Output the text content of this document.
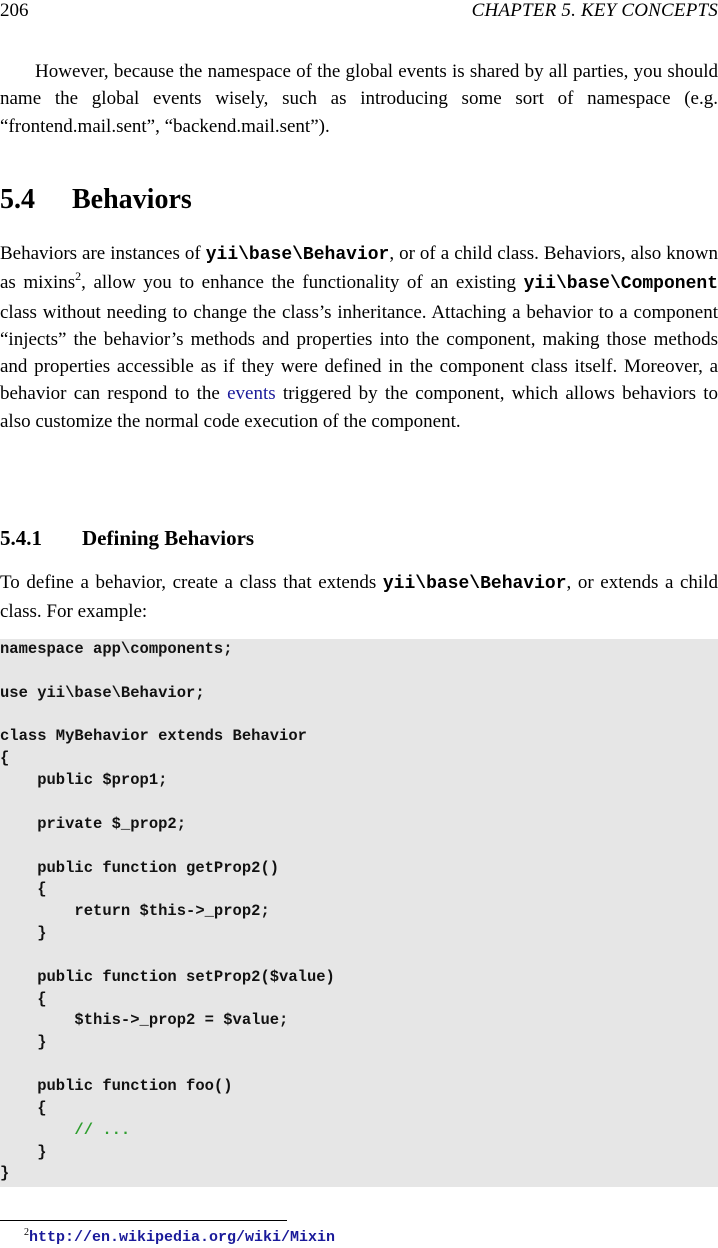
206	CHAPTER 5. KEY CONCEPTS

However, because the namespace of the global events is shared by all parties, you should name the global events wisely, such as introducing some sort of namespace (e.g. “frontend.mail.sent”, “backend.mail.sent”).

5.4 Behaviors

Behaviors are instances of yii\base\Behavior, or of a child class. Behaviors, also known as mixins$^2$, allow you to enhance the functionality of an existing yii\base\Component class without needing to change the class’s inheritance. Attaching a behavior to a component “injects” the behavior’s methods and properties into the component, making those methods and properties accessible as if they were defined in the component class itself. Moreover, a behavior can respond to the events triggered by the component, which allows behaviors to also customize the normal code execution of the component.

5.4.1 Defining Behaviors

To define a behavior, create a class that extends yii\base\Behavior, or extends a child class. For example:

namespace app\components;
use yii\base\Behavior;
class MyBehavior extends Behavior
{
public $prop1;
private $_prop2;
public function getProp2()
{
return $this->_prop2;
}
public function setProp2($value)
{
$this->_prop2 = $value;
}
public function foo()
{
// ...
}
}
$^2$http://en.wikipedia.org/wiki/Mixin
